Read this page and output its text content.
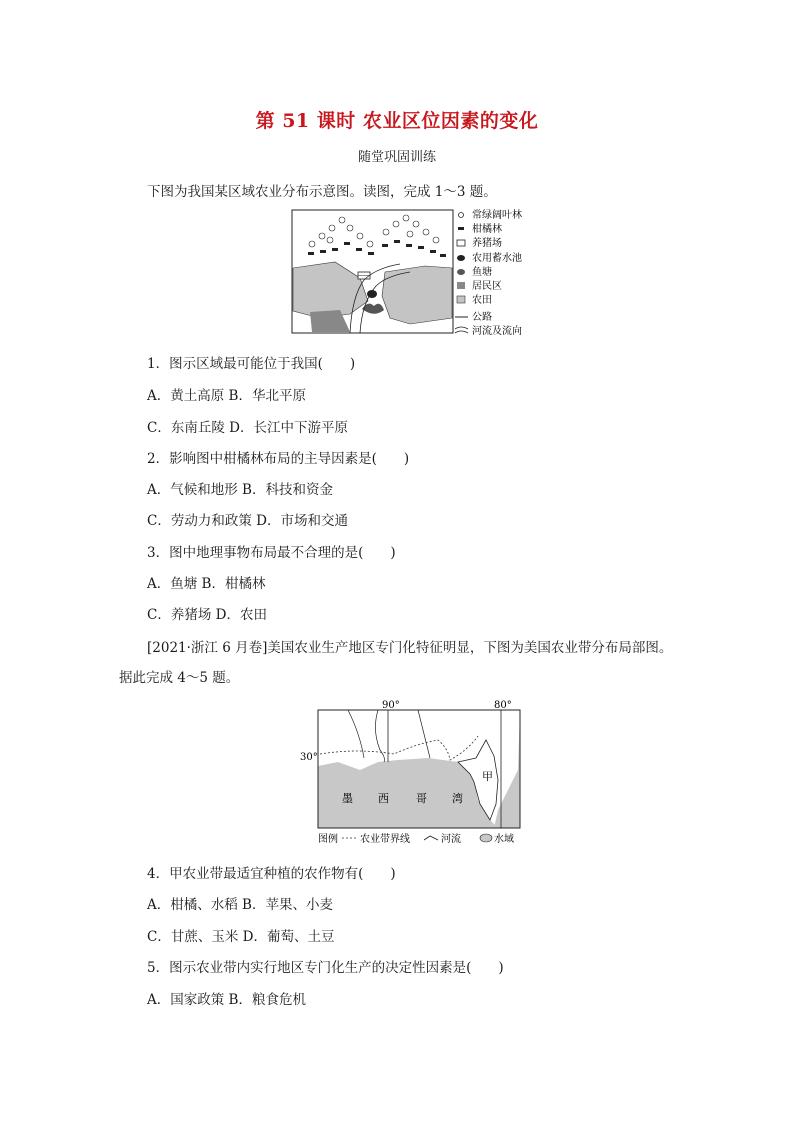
第 51 课时 农业区位因素的变化
随堂巩固训练
下图为我国某区域农业分布示意图。读图，完成 1～3 题。
常绿阔叶林
柑橘林
养猪场
农用蓄水池
鱼塘
居民区
农田
公路
河流及流向
1．图示区域最可能位于我国(　　)
A．黄土高原 B．华北平原
C．东南丘陵 D．长江中下游平原
2．影响图中柑橘林布局的主导因素是(　　)
A．气候和地形 B．科技和资金
C．劳动力和政策 D．市场和交通
3．图中地理事物布局最不合理的是(　　)
A．鱼塘 B．柑橘林
C．养猪场 D．农田
[2021·浙江 6 月卷]美国农业生产地区专门化特征明显，下图为美国农业带分布局部图。
据此完成 4～5 题。
90°	80°
30°
墨 西 哥 湾
甲
图例 农业带界线	河流	水域
4．甲农业带最适宜种植的农作物有(　　)
A．柑橘、水稻 B．苹果、小麦
C．甘蔗、玉米 D．葡萄、土豆
5．图示农业带内实行地区专门化生产的决定性因素是(　　)
A．国家政策 B．粮食危机
